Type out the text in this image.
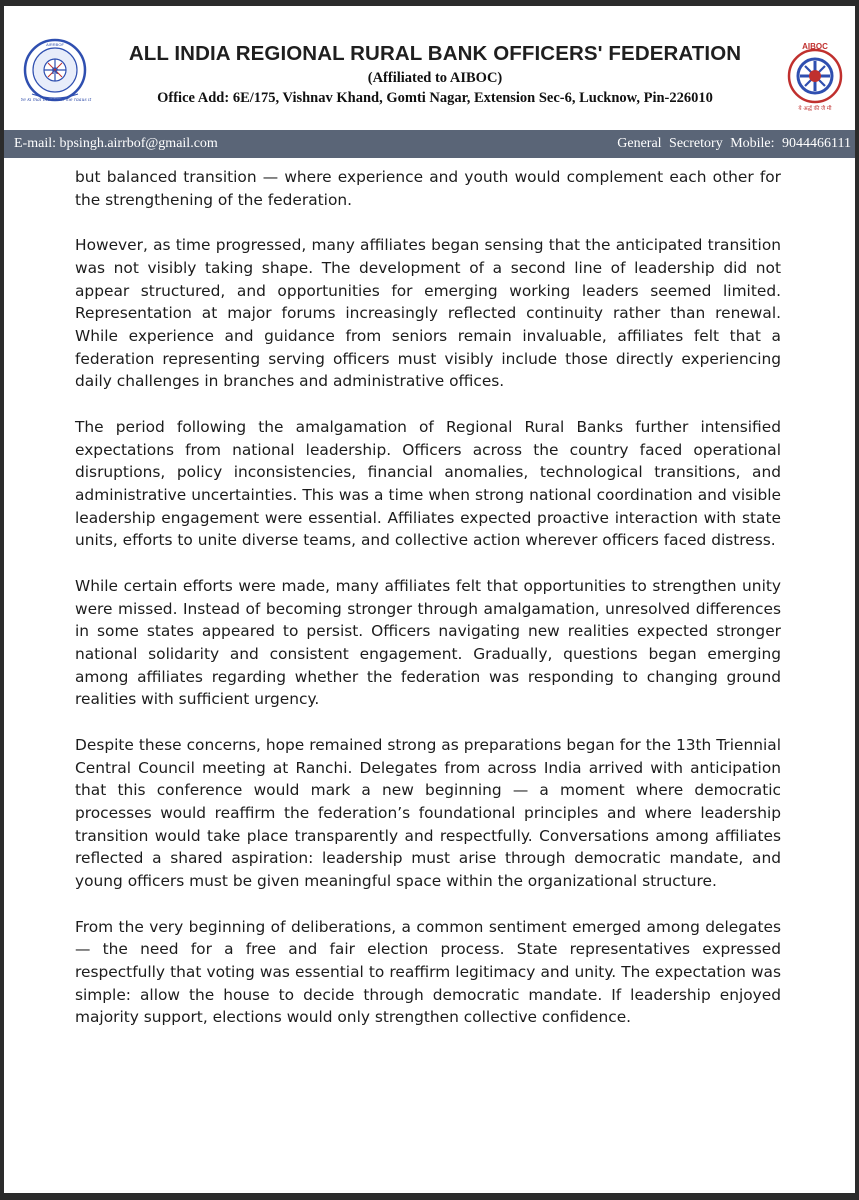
R
AIRRBOF
Ye ki mal the bank. me raaus it
ALL INDIA REGIONAL RURAL BANK OFFICERS' FEDERATION
(Affiliated to AIBOC)
Office Add: 6E/175, Vishnav Khand, Gomti Nagar, Extension Sec-6, Lucknow, Pin-226010
AIBOC
ये अर्द्ध की जै मी
E-mail: bpsingh.airrbof@gmail.com	General Secretory Mobile: 9044466111

but balanced transition — where experience and youth would complement each other for the strengthening of the federation.

However, as time progressed, many affiliates began sensing that the anticipated transition was not visibly taking shape. The development of a second line of leadership did not appear structured, and opportunities for emerging working leaders seemed limited. Representation at major forums increasingly reflected continuity rather than renewal. While experience and guidance from seniors remain invaluable, affiliates felt that a federation representing serving officers must visibly include those directly experiencing daily challenges in branches and administrative offices.

The period following the amalgamation of Regional Rural Banks further intensified expectations from national leadership. Officers across the country faced operational disruptions, policy inconsistencies, financial anomalies, technological transitions, and administrative uncertainties. This was a time when strong national coordination and visible leadership engagement were essential. Affiliates expected proactive interaction with state units, efforts to unite diverse teams, and collective action wherever officers faced distress.

While certain efforts were made, many affiliates felt that opportunities to strengthen unity were missed. Instead of becoming stronger through amalgamation, unresolved differences in some states appeared to persist. Officers navigating new realities expected stronger national solidarity and consistent engagement. Gradually, questions began emerging among affiliates regarding whether the federation was responding to changing ground realities with sufficient urgency.

Despite these concerns, hope remained strong as preparations began for the 13th Triennial Central Council meeting at Ranchi. Delegates from across India arrived with anticipation that this conference would mark a new beginning — a moment where democratic processes would reaffirm the federation’s foundational principles and where leadership transition would take place transparently and respectfully. Conversations among affiliates reflected a shared aspiration: leadership must arise through democratic mandate, and young officers must be given meaningful space within the organizational structure.

From the very beginning of deliberations, a common sentiment emerged among delegates — the need for a free and fair election process. State representatives expressed respectfully that voting was essential to reaffirm legitimacy and unity. The expectation was simple: allow the house to decide through democratic mandate. If leadership enjoyed majority support, elections would only strengthen collective confidence.
